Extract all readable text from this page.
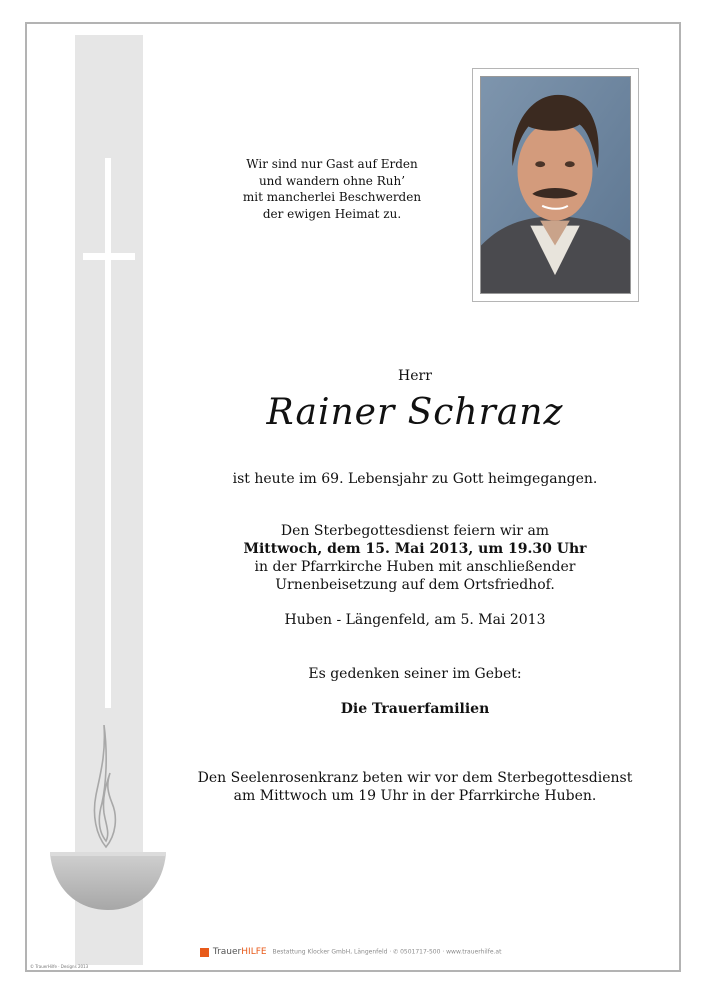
Wir sind nur Gast auf Erden
und wandern ohne Ruh’
mit mancherlei Beschwerden
der ewigen Heimat zu.
Herr
Rainer Schranz
ist heute im 69. Lebensjahr zu Gott heimgegangen.
Den Sterbegottesdienst feiern wir am
Mittwoch, dem 15. Mai 2013, um 19.30 Uhr
in der Pfarrkirche Huben mit anschließender
Urnenbeisetzung auf dem Ortsfriedhof.
Huben - Längenfeld, am 5. Mai 2013
Es gedenken seiner im Gebet:
Die Trauerfamilien
Den Seelenrosenkranz beten wir vor dem Sterbegottesdienst
am Mittwoch um 19 Uhr in der Pfarrkirche Huben.
TrauerHILFE Bestattung Klocker GmbH, Längenfeld · ✆ 0501717-500 · www.trauerhilfe.at
© TrauerHilfe · Designs 2013
